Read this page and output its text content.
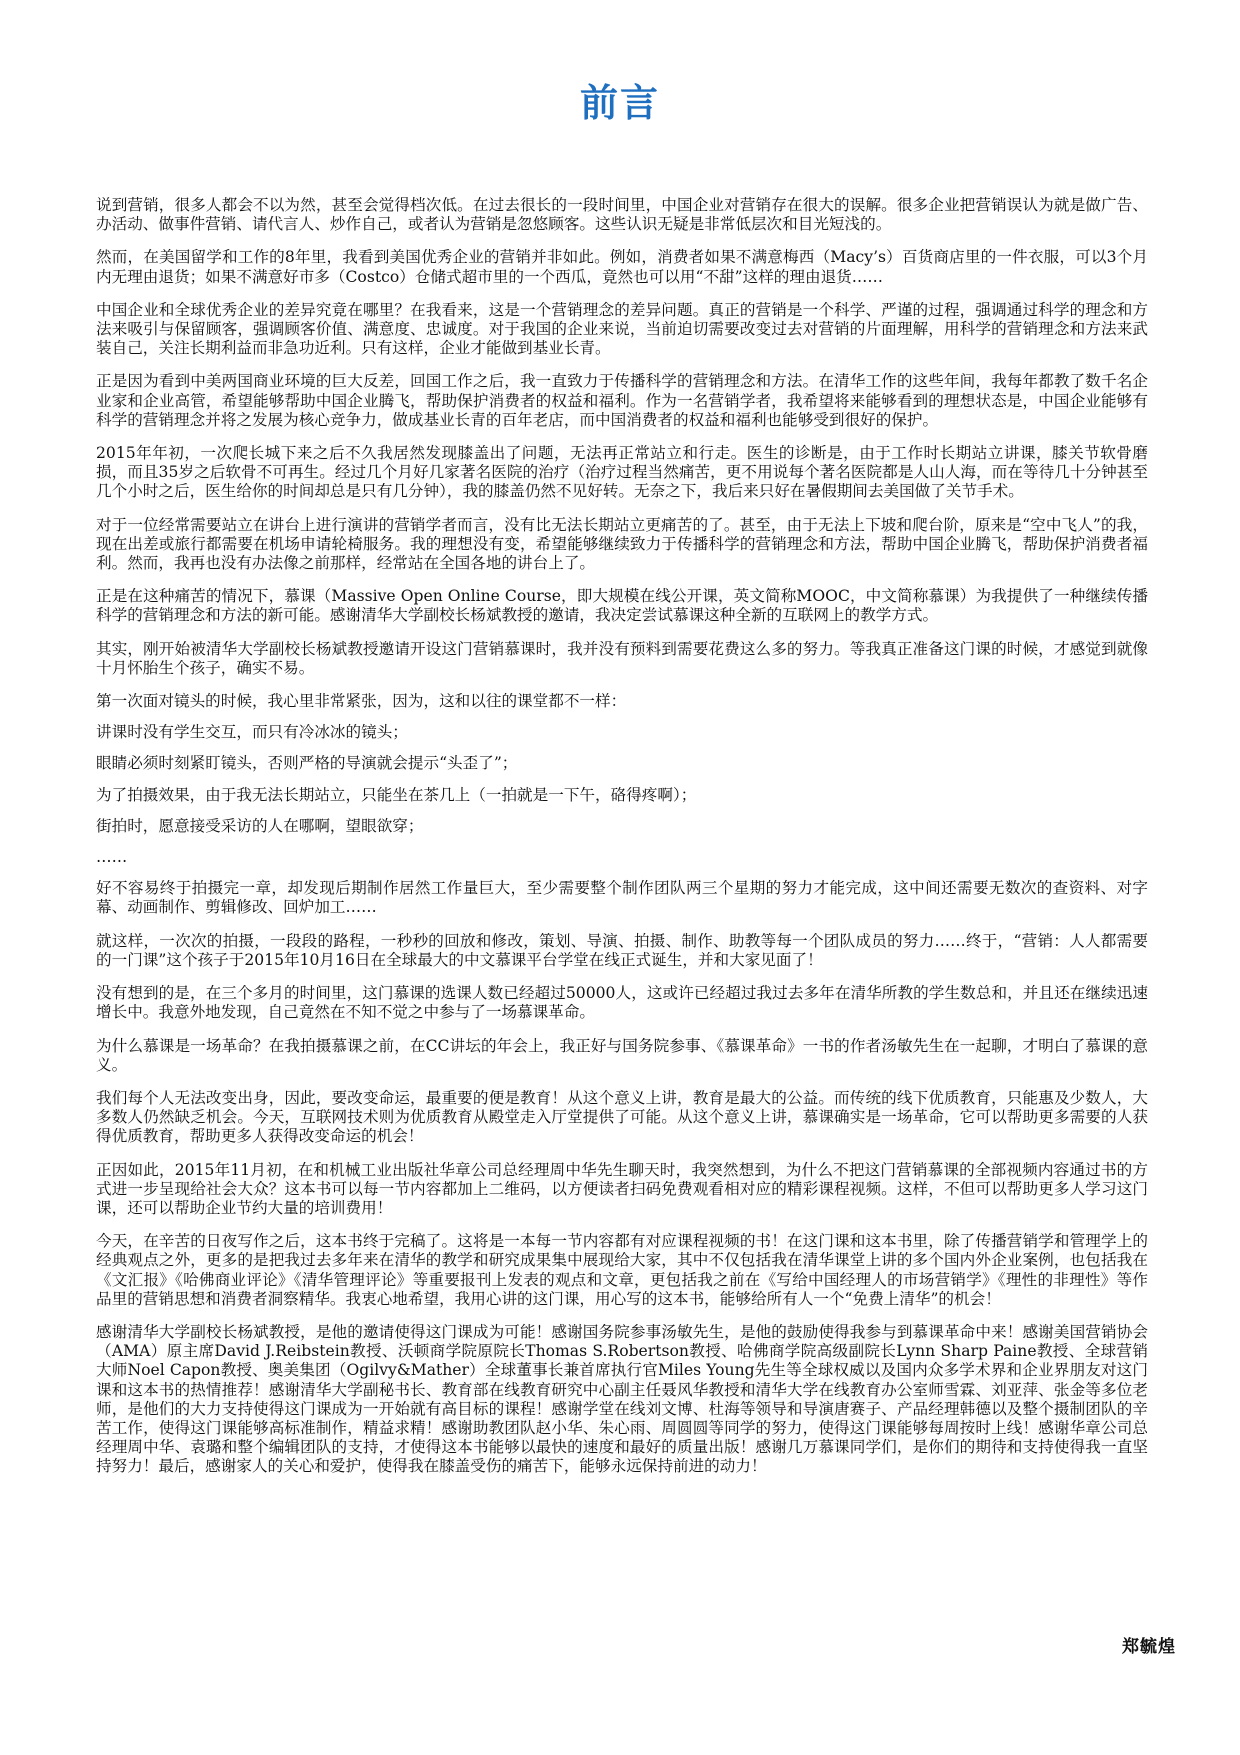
前言

说到营销，很多人都会不以为然，甚至会觉得档次低。在过去很长的一段时间里，中国企业对营销存在很大的误解。很多企业把营销误认为就是做广告、办活动、做事件营销、请代言人、炒作自己，或者认为营销是忽悠顾客。这些认识无疑是非常低层次和目光短浅的。

然而，在美国留学和工作的8年里，我看到美国优秀企业的营销并非如此。例如，消费者如果不满意梅西（Macy’s）百货商店里的一件衣服，可以3个月内无理由退货；如果不满意好市多（Costco）仓储式超市里的一个西瓜，竟然也可以用“不甜”这样的理由退货……

中国企业和全球优秀企业的差异究竟在哪里？在我看来，这是一个营销理念的差异问题。真正的营销是一个科学、严谨的过程，强调通过科学的理念和方法来吸引与保留顾客，强调顾客价值、满意度、忠诚度。对于我国的企业来说，当前迫切需要改变过去对营销的片面理解，用科学的营销理念和方法来武装自己，关注长期利益而非急功近利。只有这样，企业才能做到基业长青。

正是因为看到中美两国商业环境的巨大反差，回国工作之后，我一直致力于传播科学的营销理念和方法。在清华工作的这些年间，我每年都教了数千名企业家和企业高管，希望能够帮助中国企业腾飞，帮助保护消费者的权益和福利。作为一名营销学者，我希望将来能够看到的理想状态是，中国企业能够有科学的营销理念并将之发展为核心竞争力，做成基业长青的百年老店，而中国消费者的权益和福利也能够受到很好的保护。

2015年年初，一次爬长城下来之后不久我居然发现膝盖出了问题，无法再正常站立和行走。医生的诊断是，由于工作时长期站立讲课，膝关节软骨磨损，而且35岁之后软骨不可再生。经过几个月好几家著名医院的治疗（治疗过程当然痛苦，更不用说每个著名医院都是人山人海，而在等待几十分钟甚至几个小时之后，医生给你的时间却总是只有几分钟），我的膝盖仍然不见好转。无奈之下，我后来只好在暑假期间去美国做了关节手术。

对于一位经常需要站立在讲台上进行演讲的营销学者而言，没有比无法长期站立更痛苦的了。甚至，由于无法上下坡和爬台阶，原来是“空中飞人”的我，现在出差或旅行都需要在机场申请轮椅服务。我的理想没有变，希望能够继续致力于传播科学的营销理念和方法，帮助中国企业腾飞，帮助保护消费者福利。然而，我再也没有办法像之前那样，经常站在全国各地的讲台上了。

正是在这种痛苦的情况下，慕课（Massive Open Online Course，即大规模在线公开课，英文简称MOOC，中文简称慕课）为我提供了一种继续传播科学的营销理念和方法的新可能。感谢清华大学副校长杨斌教授的邀请，我决定尝试慕课这种全新的互联网上的教学方式。

其实，刚开始被清华大学副校长杨斌教授邀请开设这门营销慕课时，我并没有预料到需要花费这么多的努力。等我真正准备这门课的时候，才感觉到就像十月怀胎生个孩子，确实不易。

第一次面对镜头的时候，我心里非常紧张，因为，这和以往的课堂都不一样：

讲课时没有学生交互，而只有冷冰冰的镜头；

眼睛必须时刻紧盯镜头，否则严格的导演就会提示“头歪了”；

为了拍摄效果，由于我无法长期站立，只能坐在茶几上（一拍就是一下午，硌得疼啊）；

街拍时，愿意接受采访的人在哪啊，望眼欲穿；

……

好不容易终于拍摄完一章，却发现后期制作居然工作量巨大，至少需要整个制作团队两三个星期的努力才能完成，这中间还需要无数次的查资料、对字幕、动画制作、剪辑修改、回炉加工……

就这样，一次次的拍摄，一段段的路程，一秒秒的回放和修改，策划、导演、拍摄、制作、助教等每一个团队成员的努力……终于，“营销：人人都需要的一门课”这个孩子于2015年10月16日在全球最大的中文慕课平台学堂在线正式诞生，并和大家见面了！

没有想到的是，在三个多月的时间里，这门慕课的选课人数已经超过50000人，这或许已经超过我过去多年在清华所教的学生数总和，并且还在继续迅速增长中。我意外地发现，自己竟然在不知不觉之中参与了一场慕课革命。

为什么慕课是一场革命？在我拍摄慕课之前，在CC讲坛的年会上，我正好与国务院参事、《慕课革命》一书的作者汤敏先生在一起聊，才明白了慕课的意义。

我们每个人无法改变出身，因此，要改变命运，最重要的便是教育！从这个意义上讲，教育是最大的公益。而传统的线下优质教育，只能惠及少数人，大多数人仍然缺乏机会。今天，互联网技术则为优质教育从殿堂走入厅堂提供了可能。从这个意义上讲，慕课确实是一场革命，它可以帮助更多需要的人获得优质教育，帮助更多人获得改变命运的机会！

正因如此，2015年11月初，在和机械工业出版社华章公司总经理周中华先生聊天时，我突然想到，为什么不把这门营销慕课的全部视频内容通过书的方式进一步呈现给社会大众？这本书可以每一节内容都加上二维码，以方便读者扫码免费观看相对应的精彩课程视频。这样，不但可以帮助更多人学习这门课，还可以帮助企业节约大量的培训费用！

今天，在辛苦的日夜写作之后，这本书终于完稿了。这将是一本每一节内容都有对应课程视频的书！在这门课和这本书里，除了传播营销学和管理学上的经典观点之外，更多的是把我过去多年来在清华的教学和研究成果集中展现给大家，其中不仅包括我在清华课堂上讲的多个国内外企业案例，也包括我在《文汇报》《哈佛商业评论》《清华管理评论》等重要报刊上发表的观点和文章，更包括我之前在《写给中国经理人的市场营销学》《理性的非理性》等作品里的营销思想和消费者洞察精华。我衷心地希望，我用心讲的这门课，用心写的这本书，能够给所有人一个“免费上清华”的机会！

感谢清华大学副校长杨斌教授，是他的邀请使得这门课成为可能！感谢国务院参事汤敏先生，是他的鼓励使得我参与到慕课革命中来！感谢美国营销协会（AMA）原主席David J.Reibstein教授、沃顿商学院原院长Thomas S.Robertson教授、哈佛商学院高级副院长Lynn Sharp Paine教授、全球营销大师Noel Capon教授、奥美集团（Ogilvy&Mather）全球董事长兼首席执行官Miles Young先生等全球权威以及国内众多学术界和企业界朋友对这门课和这本书的热情推荐！感谢清华大学副秘书长、教育部在线教育研究中心副主任聂风华教授和清华大学在线教育办公室师雪霖、刘亚萍、张金等多位老师，是他们的大力支持使得这门课成为一开始就有高目标的课程！感谢学堂在线刘文博、杜海等领导和导演唐赛子、产品经理韩德以及整个摄制团队的辛苦工作，使得这门课能够高标准制作，精益求精！感谢助教团队赵小华、朱心雨、周圆圆等同学的努力，使得这门课能够每周按时上线！感谢华章公司总经理周中华、袁璐和整个编辑团队的支持，才使得这本书能够以最快的速度和最好的质量出版！感谢几万慕课同学们，是你们的期待和支持使得我一直坚持努力！最后，感谢家人的关心和爱护，使得我在膝盖受伤的痛苦下，能够永远保持前进的动力！

郑毓煌
